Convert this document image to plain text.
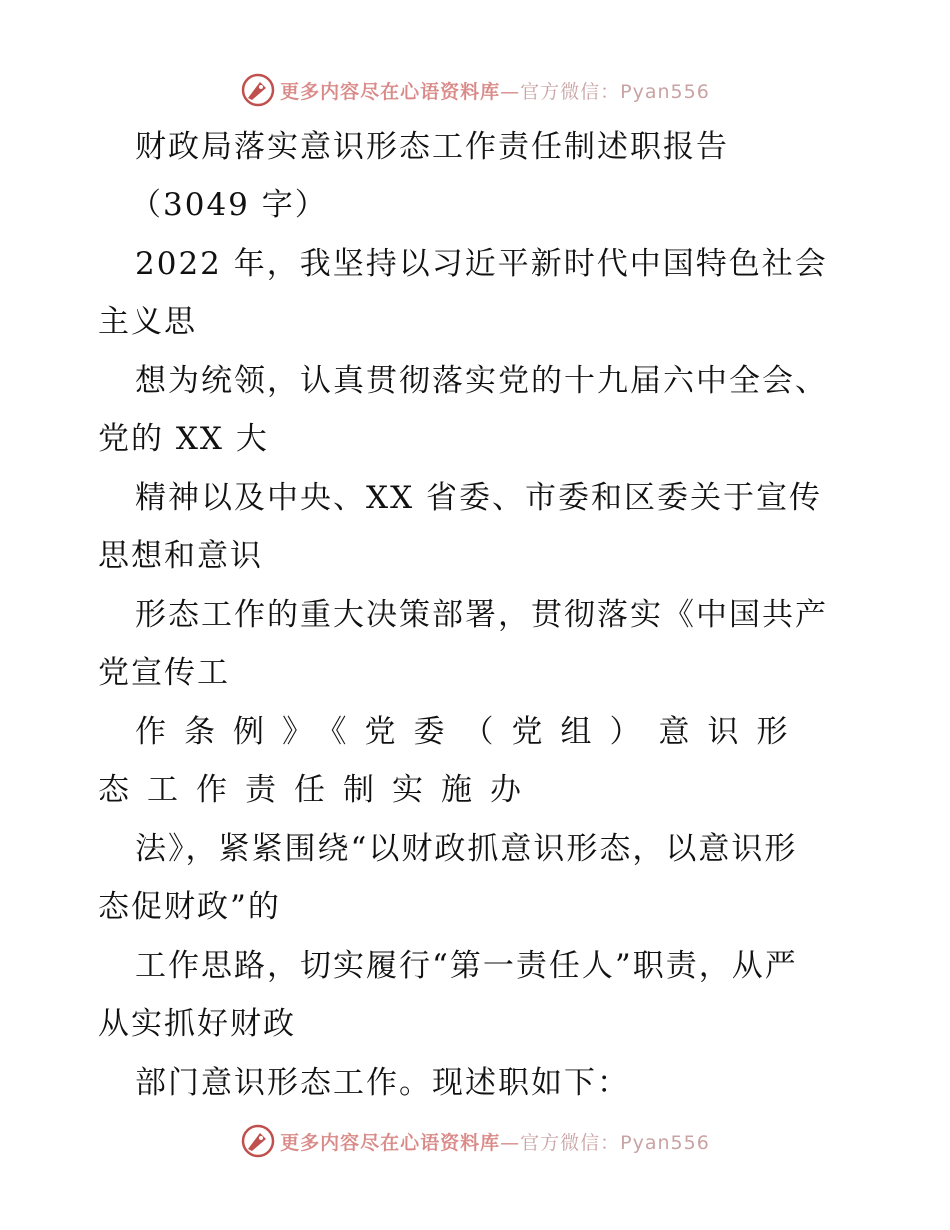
更多内容尽在心语资料库—官方微信：Pyan556
财政局落实意识形态工作责任制述职报告
（3049 字）
2022 年，我坚持以习近平新时代中国特色社会
主义思
想为统领，认真贯彻落实党的十九届六中全会、
党的 XX 大
精神以及中央、XX 省委、市委和区委关于宣传
思想和意识
形态工作的重大决策部署，贯彻落实《中国共产
党宣传工
作条例》《党委（党组）意识形
态工作责任制实施办
法》，紧紧围绕“以财政抓意识形态，以意识形
态促财政”的
工作思路，切实履行“第一责任人”职责，从严
从实抓好财政
部门意识形态工作。现述职如下：
更多内容尽在心语资料库—官方微信：Pyan556
